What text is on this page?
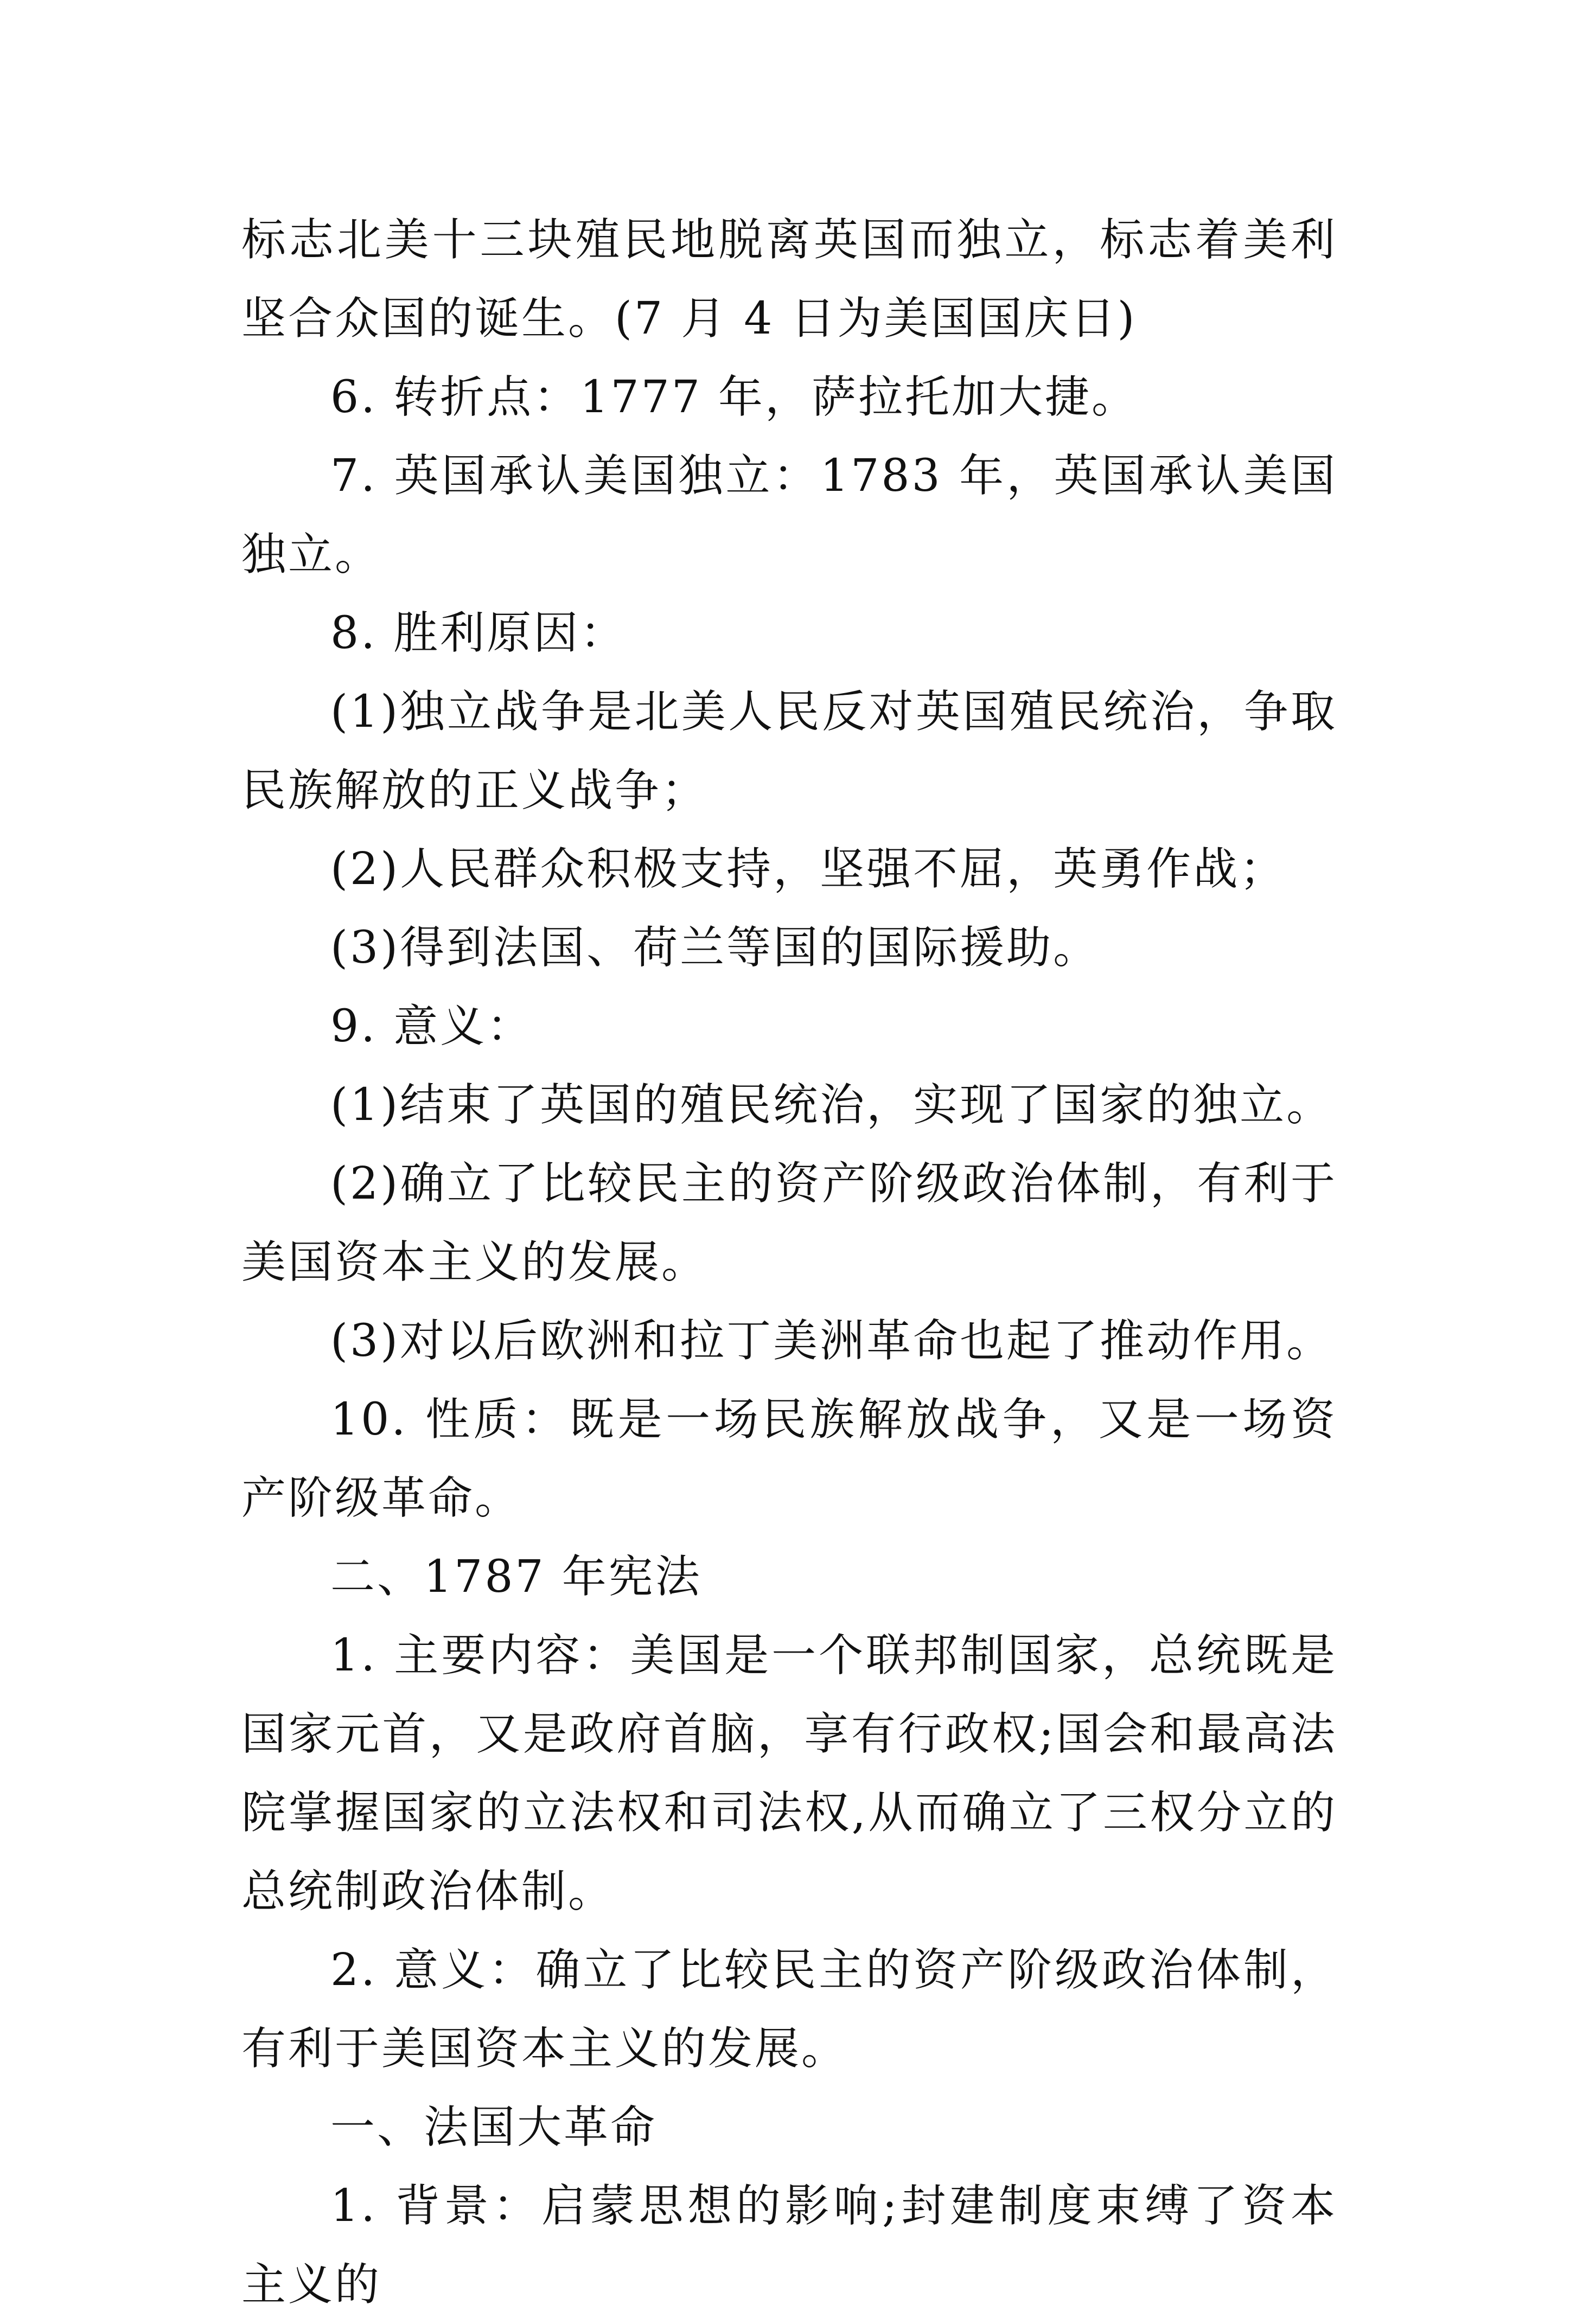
标志北美十三块殖民地脱离英国而独立，标志着美利坚合众国的诞生。(7 月 4 日为美国国庆日)

6. 转折点：1777 年，萨拉托加大捷。

7. 英国承认美国独立：1783 年，英国承认美国独立。

8. 胜利原因：

(1)独立战争是北美人民反对英国殖民统治，争取民族解放的正义战争；

(2)人民群众积极支持，坚强不屈，英勇作战；

(3)得到法国、荷兰等国的国际援助。

9. 意义：

(1)结束了英国的殖民统治，实现了国家的独立。

(2)确立了比较民主的资产阶级政治体制，有利于美国资本主义的发展。

(3)对以后欧洲和拉丁美洲革命也起了推动作用。

10. 性质：既是一场民族解放战争，又是一场资产阶级革命。

二、1787 年宪法

1. 主要内容：美国是一个联邦制国家，总统既是国家元首，又是政府首脑，享有行政权;国会和最高法院掌握国家的立法权和司法权,从而确立了三权分立的总统制政治体制。

2. 意义：确立了比较民主的资产阶级政治体制，有利于美国资本主义的发展。

一、法国大革命

1. 背景：启蒙思想的影响;封建制度束缚了资本主义的
